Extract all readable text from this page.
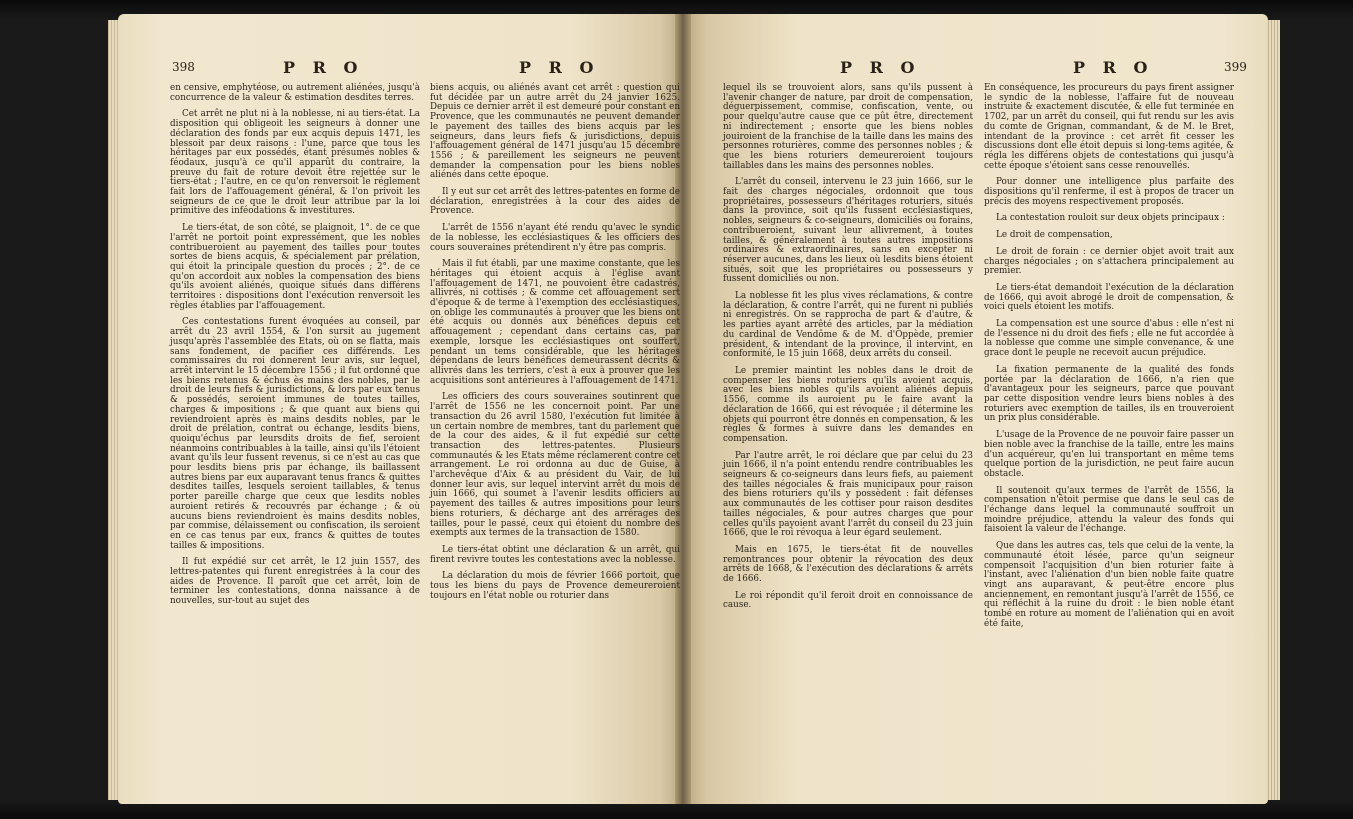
398	P R O	P R O	P R O	P R O	399

en censive, emphytéose, ou autrement aliénées, jusqu'à concurrence de la valeur & estimation desdites terres.

Cet arrêt ne plut ni à la noblesse, ni au tiers-état. La disposition qui obligeoit les seigneurs à donner une déclaration des fonds par eux acquis depuis 1471, les blessoit par deux raisons : l'une, parce que tous les héritages par eux possédés, étant présumés nobles & féodaux, jusqu'à ce qu'il apparût du contraire, la preuve du fait de roture devoit être rejettée sur le tiers-état ; l'autre, en ce qu'on renversoit le réglement fait lors de l'affouagement général, & l'on privoit les seigneurs de ce que le droit leur attribue par la loi primitive des inféodations & investitures.

Le tiers-état, de son côté, se plaignoit, 1°. de ce que l'arrêt ne portoit point expressément, que les nobles contribueroient au payement des tailles pour toutes sortes de biens acquis, & spécialement par prélation, qui étoit la principale question du procès ; 2°. de ce qu'on accordoit aux nobles la compensation des biens qu'ils avoient aliénés, quoique situés dans différens territoires : dispositions dont l'exécution renversoit les règles établies par l'affouagement.

Ces contestations furent évoquées au conseil, par arrêt du 23 avril 1554, & l'on sursit au jugement jusqu'après l'assemblée des Etats, où on se flatta, mais sans fondement, de pacifier ces différends. Les commissaires du roi donnerent leur avis, sur lequel, arrêt intervint le 15 décembre 1556 ; il fut ordonné que les biens retenus & échus ès mains des nobles, par le droit de leurs fiefs & jurisdictions, & lors par eux tenus & possédés, seroient immunes de toutes tailles, charges & impositions ; & que quant aux biens qui reviendroient après ès mains desdits nobles, par le droit de prélation, contrat ou échange, lesdits biens, quoiqu'échus par leursdits droits de fief, seroient néanmoins contribuables à la taille, ainsi qu'ils l'étoient avant qu'ils leur fussent revenus, si ce n'est au cas que pour lesdits biens pris par échange, ils baillassent autres biens par eux auparavant tenus francs & quittes desdites tailles, lesquels seroient taillables, & tenus porter pareille charge que ceux que lesdits nobles auroient retirés & recouvrés par échange ; & où aucuns biens reviendroient ès mains desdits nobles, par commise, délaissement ou confiscation, ils seroient en ce cas tenus par eux, francs & quittes de toutes tailles & impositions.

Il fut expédié sur cet arrêt, le 12 juin 1557, des lettres-patentes qui furent enregistrées à la cour des aides de Provence. Il paroît que cet arrêt, loin de terminer les contestations, donna naissance à de nouvelles, sur-tout au sujet des

biens acquis, ou aliénés avant cet arrêt : question qui fut décidée par un autre arrêt du 24 janvier 1625. Depuis ce dernier arrêt il est demeuré pour constant en Provence, que les communautés ne peuvent demander le payement des tailles des biens acquis par les seigneurs, dans leurs fiefs & jurisdictions, depuis l'affouagement général de 1471 jusqu'au 15 décembre 1556 ; & pareillement les seigneurs ne peuvent demander la compensation pour les biens nobles aliénés dans cette époque.

Il y eut sur cet arrêt des lettres-patentes en forme de déclaration, enregistrées à la cour des aides de Provence.

L'arrêt de 1556 n'ayant été rendu qu'avec le syndic de la noblesse, les ecclésiastiques & les officiers des cours souveraines prétendirent n'y être pas compris.

Mais il fut établi, par une maxime constante, que les héritages qui étoient acquis à l'église avant l'affouagement de 1471, ne pouvoient être cadastrés, allivrés, ni cottisés ; & comme cet affouagement sert d'époque & de terme à l'exemption des ecclésiastiques, on oblige les communautés à prouver que les biens ont été acquis ou donnés aux bénéfices depuis cet affouagement ; cependant dans certains cas, par exemple, lorsque les ecclésiastiques ont souffert, pendant un tems considérable, que les héritages dépendans de leurs bénéfices demeurassent décrits & allivrés dans les terriers, c'est à eux à prouver que les acquisitions sont antérieures à l'affouagement de 1471.

Les officiers des cours souveraines soutinrent que l'arrêt de 1556 ne les concernoit point. Par une transaction du 26 avril 1580, l'exécution fut limitée à un certain nombre de membres, tant du parlement que de la cour des aides, & il fut expédié sur cette transaction des lettres-patentes. Plusieurs communautés & les Etats même réclamerent contre cet arrangement. Le roi ordonna au duc de Guise, à l'archevêque d'Aix & au président du Vair, de lui donner leur avis, sur lequel intervint arrêt du mois de juin 1666, qui soumet à l'avenir lesdits officiers au payement des tailles & autres impositions pour leurs biens roturiers, & décharge ant des arrérages des tailles, pour le passé, ceux qui étoient du nombre des exempts aux termes de la transaction de 1580.

Le tiers-état obtint une déclaration & un arrêt, qui firent revivre toutes les contestations avec la noblesse.

La déclaration du mois de février 1666 portoit, que tous les biens du pays de Provence demeureroient toujours en l'état noble ou roturier dans

lequel ils se trouvoient alors, sans qu'ils pussent à l'avenir changer de nature, par droit de compensation, déguerpissement, commise, confiscation, vente, ou pour quelqu'autre cause que ce pût être, directement ni indirectement ; ensorte que les biens nobles jouiroient de la franchise de la taille dans les mains des personnes roturières, comme des personnes nobles ; & que les biens roturiers demeureroient toujours taillables dans les mains des personnes nobles.

L'arrêt du conseil, intervenu le 23 juin 1666, sur le fait des charges négociales, ordonnoit que tous propriétaires, possesseurs d'héritages roturiers, situés dans la province, soit qu'ils fussent ecclésiastiques, nobles, seigneurs & co-seigneurs, domiciliés ou forains, contribueroient, suivant leur allivrement, à toutes tailles, & généralement à toutes autres impositions ordinaires & extraordinaires, sans en excepter ni réserver aucunes, dans les lieux où lesdits biens étoient situés, soit que les propriétaires ou possesseurs y fussent domiciliés ou non.

La noblesse fit les plus vives réclamations, & contre la déclaration, & contre l'arrêt, qui ne furent ni publiés ni enregistrés. On se rapprocha de part & d'autre, & les parties ayant arrêté des articles, par la médiation du cardinal de Vendôme & de M. d'Oppède, premier président, & intendant de la province, il intervint, en conformité, le 15 juin 1668, deux arrêts du conseil.

Le premier maintint les nobles dans le droit de compenser les biens roturiers qu'ils avoient acquis, avec les biens nobles qu'ils avoient aliénés depuis 1556, comme ils auroient pu le faire avant la déclaration de 1666, qui est révoquée ; il détermine les objets qui pourront être donnés en compensation, & les règles & formes à suivre dans les demandes en compensation.

Par l'autre arrêt, le roi déclare que par celui du 23 juin 1666, il n'a point entendu rendre contribuables les seigneurs & co-seigneurs dans leurs fiefs, au paiement des tailles négociales & frais municipaux pour raison des biens roturiers qu'ils y possèdent : fait défenses aux communautés de les cottiser pour raison desdites tailles négociales, & pour autres charges que pour celles qu'ils payoient avant l'arrêt du conseil du 23 juin 1666, que le roi révoqua à leur égard seulement.

Mais en 1675, le tiers-état fit de nouvelles remontrances pour obtenir la révocation des deux arrêts de 1668, & l'exécution des déclarations & arrêts de 1666.

Le roi répondit qu'il feroit droit en connoissance de cause.

En conséquence, les procureurs du pays firent assigner le syndic de la noblesse, l'affaire fut de nouveau instruite & exactement discutée, & elle fut terminée en 1702, par un arrêt du conseil, qui fut rendu sur les avis du comte de Grignan, commandant, & de M. le Bret, intendant de la province : cet arrêt fit cesser les discussions dont elle étoit depuis si long-tems agitée, & régla les différens objets de contestations qui jusqu'à cette époque s'étoient sans cesse renouvellés.

Pour donner une intelligence plus parfaite des dispositions qu'il renferme, il est à propos de tracer un précis des moyens respectivement proposés.

La contestation rouloit sur deux objets principaux :

Le droit de compensation,

Le droit de forain : ce dernier objet avoit trait aux charges négociales ; on s'attachera principalement au premier.

Le tiers-état demandoit l'exécution de la déclaration de 1666, qui avoit abrogé le droit de compensation, & voici quels étoient les motifs.

La compensation est une source d'abus : elle n'est ni de l'essence ni du droit des fiefs ; elle ne fut accordée à la noblesse que comme une simple convenance, & une grace dont le peuple ne recevoit aucun préjudice.

La fixation permanente de la qualité des fonds portée par la déclaration de 1666, n'a rien que d'avantageux pour les seigneurs, parce que pouvant par cette disposition vendre leurs biens nobles à des roturiers avec exemption de tailles, ils en trouveroient un prix plus considérable.

L'usage de la Provence de ne pouvoir faire passer un bien noble avec la franchise de la taille, entre les mains d'un acquéreur, qu'en lui transportant en même tems quelque portion de la jurisdiction, ne peut faire aucun obstacle.

Il soutenoit qu'aux termes de l'arrêt de 1556, la compensation n'étoit permise que dans le seul cas de l'échange dans lequel la communauté souffroit un moindre préjudice, attendu la valeur des fonds qui faisoient la valeur de l'échange.

Que dans les autres cas, tels que celui de la vente, la communauté étoit lésée, parce qu'un seigneur compensoit l'acquisition d'un bien roturier faite à l'instant, avec l'aliénation d'un bien noble faite quatre vingt ans auparavant, & peut-être encore plus anciennement, en remontant jusqu'à l'arrêt de 1556, ce qui réfléchit à la ruine du droit : le bien noble étant tombé en roture au moment de l'aliénation qui en avoit été faite,
